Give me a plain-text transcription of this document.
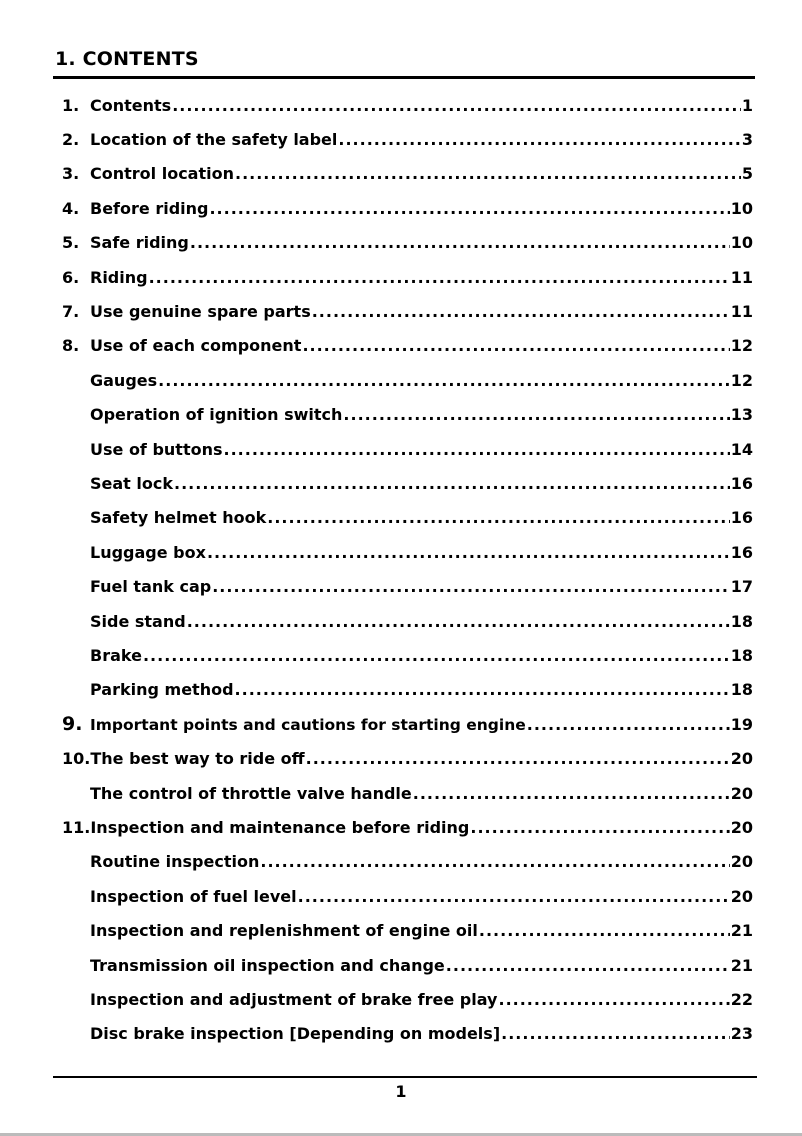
1. CONTENTS
1. Contents .....	1
2. Location of the safety label .....	3
3. Control location .....	5
4. Before riding .....	10
5. Safe riding .....	10
6. Riding .....	11
7. Use genuine spare parts .....	11
8. Use of each component .....	12
Gauges .....	12
Operation of ignition switch .....	13
Use of buttons .....	14
Seat lock .....	16
Safety helmet hook .....	16
Luggage box .....	16
Fuel tank cap .....	17
Side stand .....	18
Brake .....	18
Parking method .....	18
9. Important points and cautions for starting engine .....	19
10. The best way to ride off .....	20
The control of throttle valve handle .....	20
11. Inspection and maintenance before riding .....	20
Routine inspection .....	20
Inspection of fuel level .....	20
Inspection and replenishment of engine oil .....	21
Transmission oil inspection and change .....	21
Inspection and adjustment of brake free play .....	22
Disc brake inspection [Depending on models] .....	23
1
